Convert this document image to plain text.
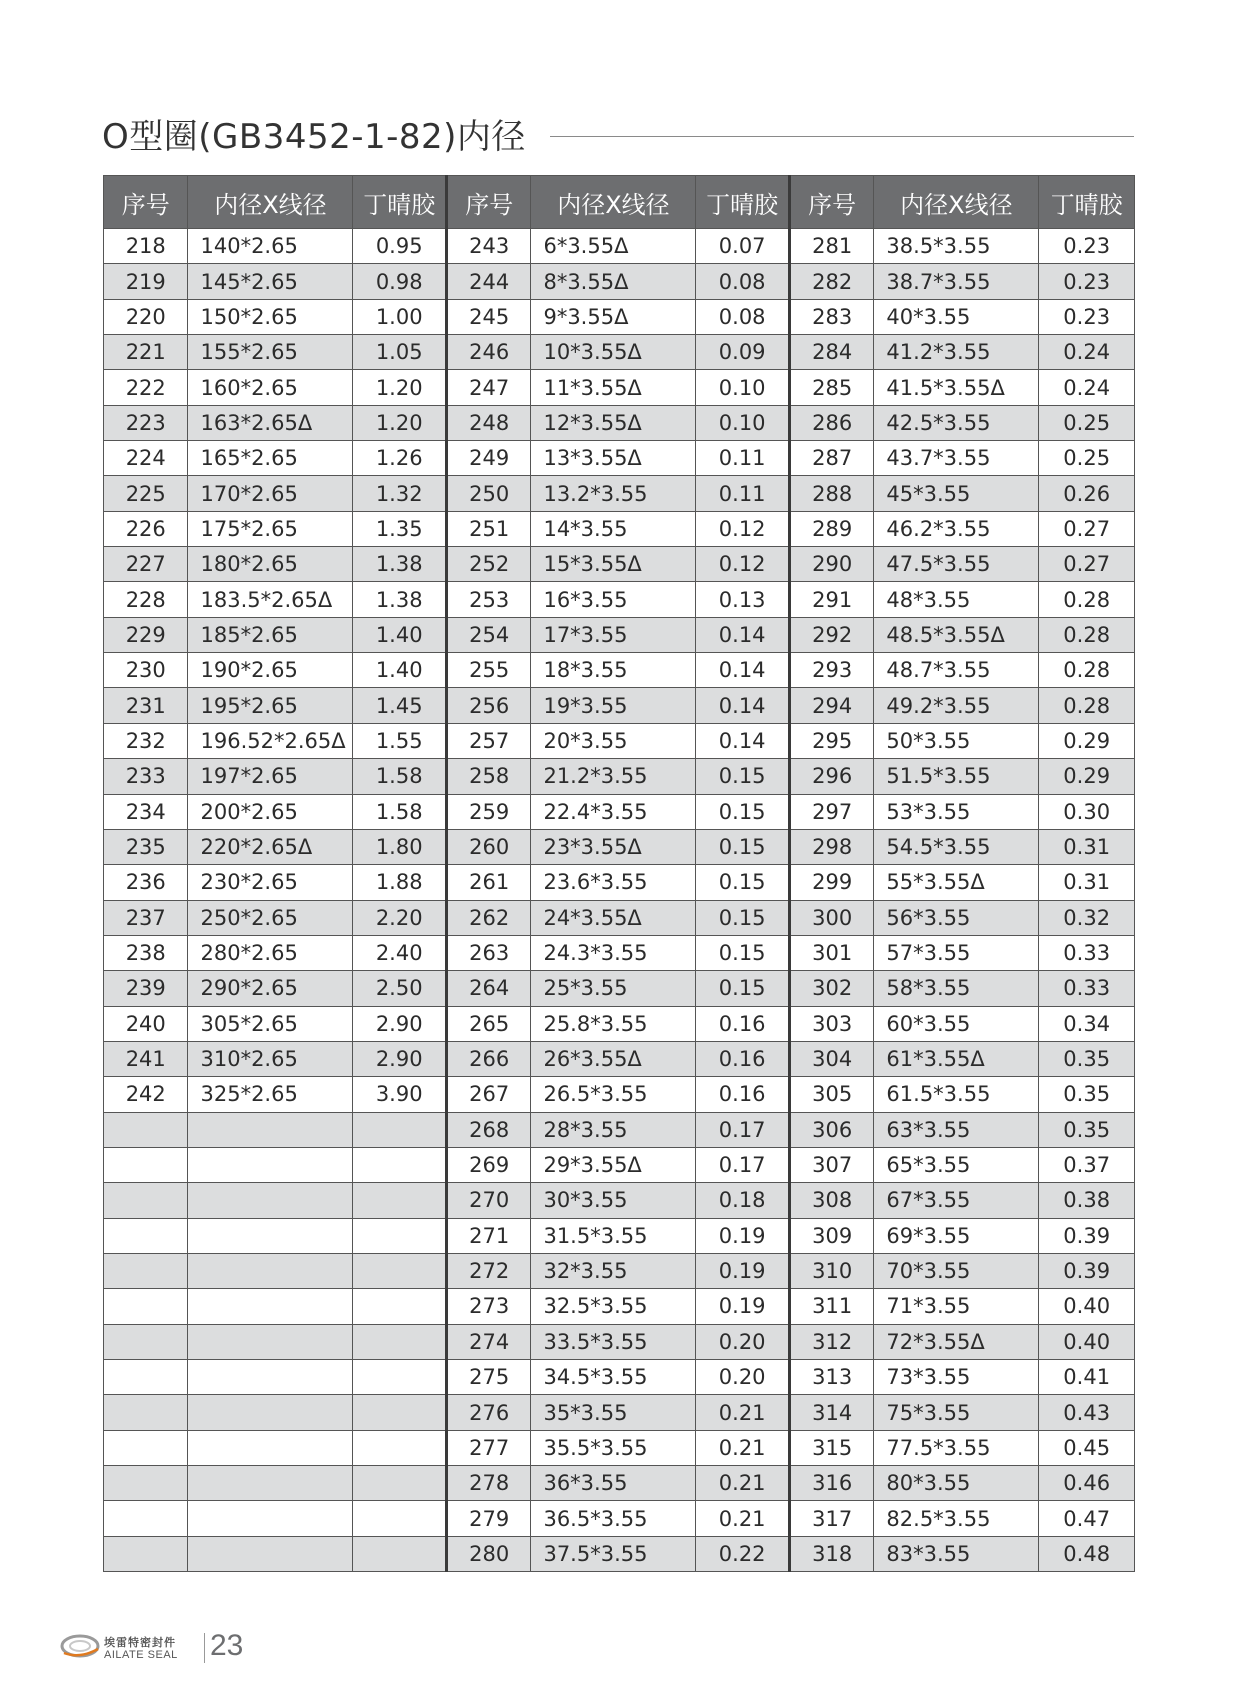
O型圈(GB3452-1-82)内径
序号	内径X线径	丁晴胶	序号	内径X线径	丁晴胶	序号	内径X线径	丁晴胶
218	140*2.65	0.95	243	6*3.55Δ	0.07	281	38.5*3.55	0.23
219	145*2.65	0.98	244	8*3.55Δ	0.08	282	38.7*3.55	0.23
220	150*2.65	1.00	245	9*3.55Δ	0.08	283	40*3.55	0.23
221	155*2.65	1.05	246	10*3.55Δ	0.09	284	41.2*3.55	0.24
222	160*2.65	1.20	247	11*3.55Δ	0.10	285	41.5*3.55Δ	0.24
223	163*2.65Δ	1.20	248	12*3.55Δ	0.10	286	42.5*3.55	0.25
224	165*2.65	1.26	249	13*3.55Δ	0.11	287	43.7*3.55	0.25
225	170*2.65	1.32	250	13.2*3.55	0.11	288	45*3.55	0.26
226	175*2.65	1.35	251	14*3.55	0.12	289	46.2*3.55	0.27
227	180*2.65	1.38	252	15*3.55Δ	0.12	290	47.5*3.55	0.27
228	183.5*2.65Δ	1.38	253	16*3.55	0.13	291	48*3.55	0.28
229	185*2.65	1.40	254	17*3.55	0.14	292	48.5*3.55Δ	0.28
230	190*2.65	1.40	255	18*3.55	0.14	293	48.7*3.55	0.28
231	195*2.65	1.45	256	19*3.55	0.14	294	49.2*3.55	0.28
232	196.52*2.65Δ	1.55	257	20*3.55	0.14	295	50*3.55	0.29
233	197*2.65	1.58	258	21.2*3.55	0.15	296	51.5*3.55	0.29
234	200*2.65	1.58	259	22.4*3.55	0.15	297	53*3.55	0.30
235	220*2.65Δ	1.80	260	23*3.55Δ	0.15	298	54.5*3.55	0.31
236	230*2.65	1.88	261	23.6*3.55	0.15	299	55*3.55Δ	0.31
237	250*2.65	2.20	262	24*3.55Δ	0.15	300	56*3.55	0.32
238	280*2.65	2.40	263	24.3*3.55	0.15	301	57*3.55	0.33
239	290*2.65	2.50	264	25*3.55	0.15	302	58*3.55	0.33
240	305*2.65	2.90	265	25.8*3.55	0.16	303	60*3.55	0.34
241	310*2.65	2.90	266	26*3.55Δ	0.16	304	61*3.55Δ	0.35
242	325*2.65	3.90	267	26.5*3.55	0.16	305	61.5*3.55	0.35
			268	28*3.55	0.17	306	63*3.55	0.35
			269	29*3.55Δ	0.17	307	65*3.55	0.37
			270	30*3.55	0.18	308	67*3.55	0.38
			271	31.5*3.55	0.19	309	69*3.55	0.39
			272	32*3.55	0.19	310	70*3.55	0.39
			273	32.5*3.55	0.19	311	71*3.55	0.40
			274	33.5*3.55	0.20	312	72*3.55Δ	0.40
			275	34.5*3.55	0.20	313	73*3.55	0.41
			276	35*3.55	0.21	314	75*3.55	0.43
			277	35.5*3.55	0.21	315	77.5*3.55	0.45
			278	36*3.55	0.21	316	80*3.55	0.46
			279	36.5*3.55	0.21	317	82.5*3.55	0.47
			280	37.5*3.55	0.22	318	83*3.55	0.48
埃雷特密封件
AILATE SEAL 23
